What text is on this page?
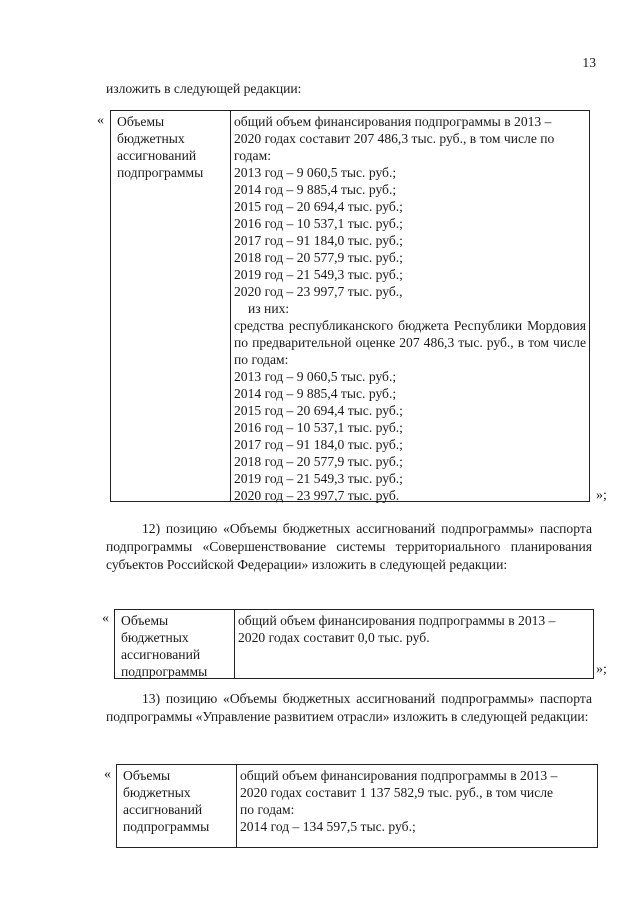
13
изложить в следующей редакции:
« Объемы
бюджетных
ассигнований
подпрограммы
общий объем финансирования подпрограммы в 2013 –
2020 годах составит 207 486,3 тыс. руб., в том числе по
годам:
2013 год – 9 060,5 тыс. руб.;
2014 год – 9 885,4 тыс. руб.;
2015 год – 20 694,4 тыс. руб.;
2016 год – 10 537,1 тыс. руб.;
2017 год – 91 184,0 тыс. руб.;
2018 год – 20 577,9 тыс. руб.;
2019 год – 21 549,3 тыс. руб.;
2020 год – 23 997,7 тыс. руб.,
из них:
средства республиканского бюджета Республики Мордовия по предварительной оценке 207 486,3 тыс. руб., в том числе по годам:
2013 год – 9 060,5 тыс. руб.;
2014 год – 9 885,4 тыс. руб.;
2015 год – 20 694,4 тыс. руб.;
2016 год – 10 537,1 тыс. руб.;
2017 год – 91 184,0 тыс. руб.;
2018 год – 20 577,9 тыс. руб.;
2019 год – 21 549,3 тыс. руб.;
2020 год – 23 997,7 тыс. руб.	»;
12) позицию «Объемы бюджетных ассигнований подпрограммы» паспорта подпрограммы «Совершенствование системы территориального планирования субъектов Российской Федерации» изложить в следующей редакции:
« Объемы
бюджетных
ассигнований
подпрограммы
общий объем финансирования подпрограммы в 2013 –
2020 годах составит 0,0 тыс. руб.
»;
13) позицию «Объемы бюджетных ассигнований подпрограммы» паспорта подпрограммы «Управление развитием отрасли» изложить в следующей редакции:
« Объемы
бюджетных
ассигнований
подпрограммы
общий объем финансирования подпрограммы в 2013 –
2020 годах составит 1 137 582,9 тыс. руб., в том числе
по годам:
2014 год – 134 597,5 тыс. руб.;
